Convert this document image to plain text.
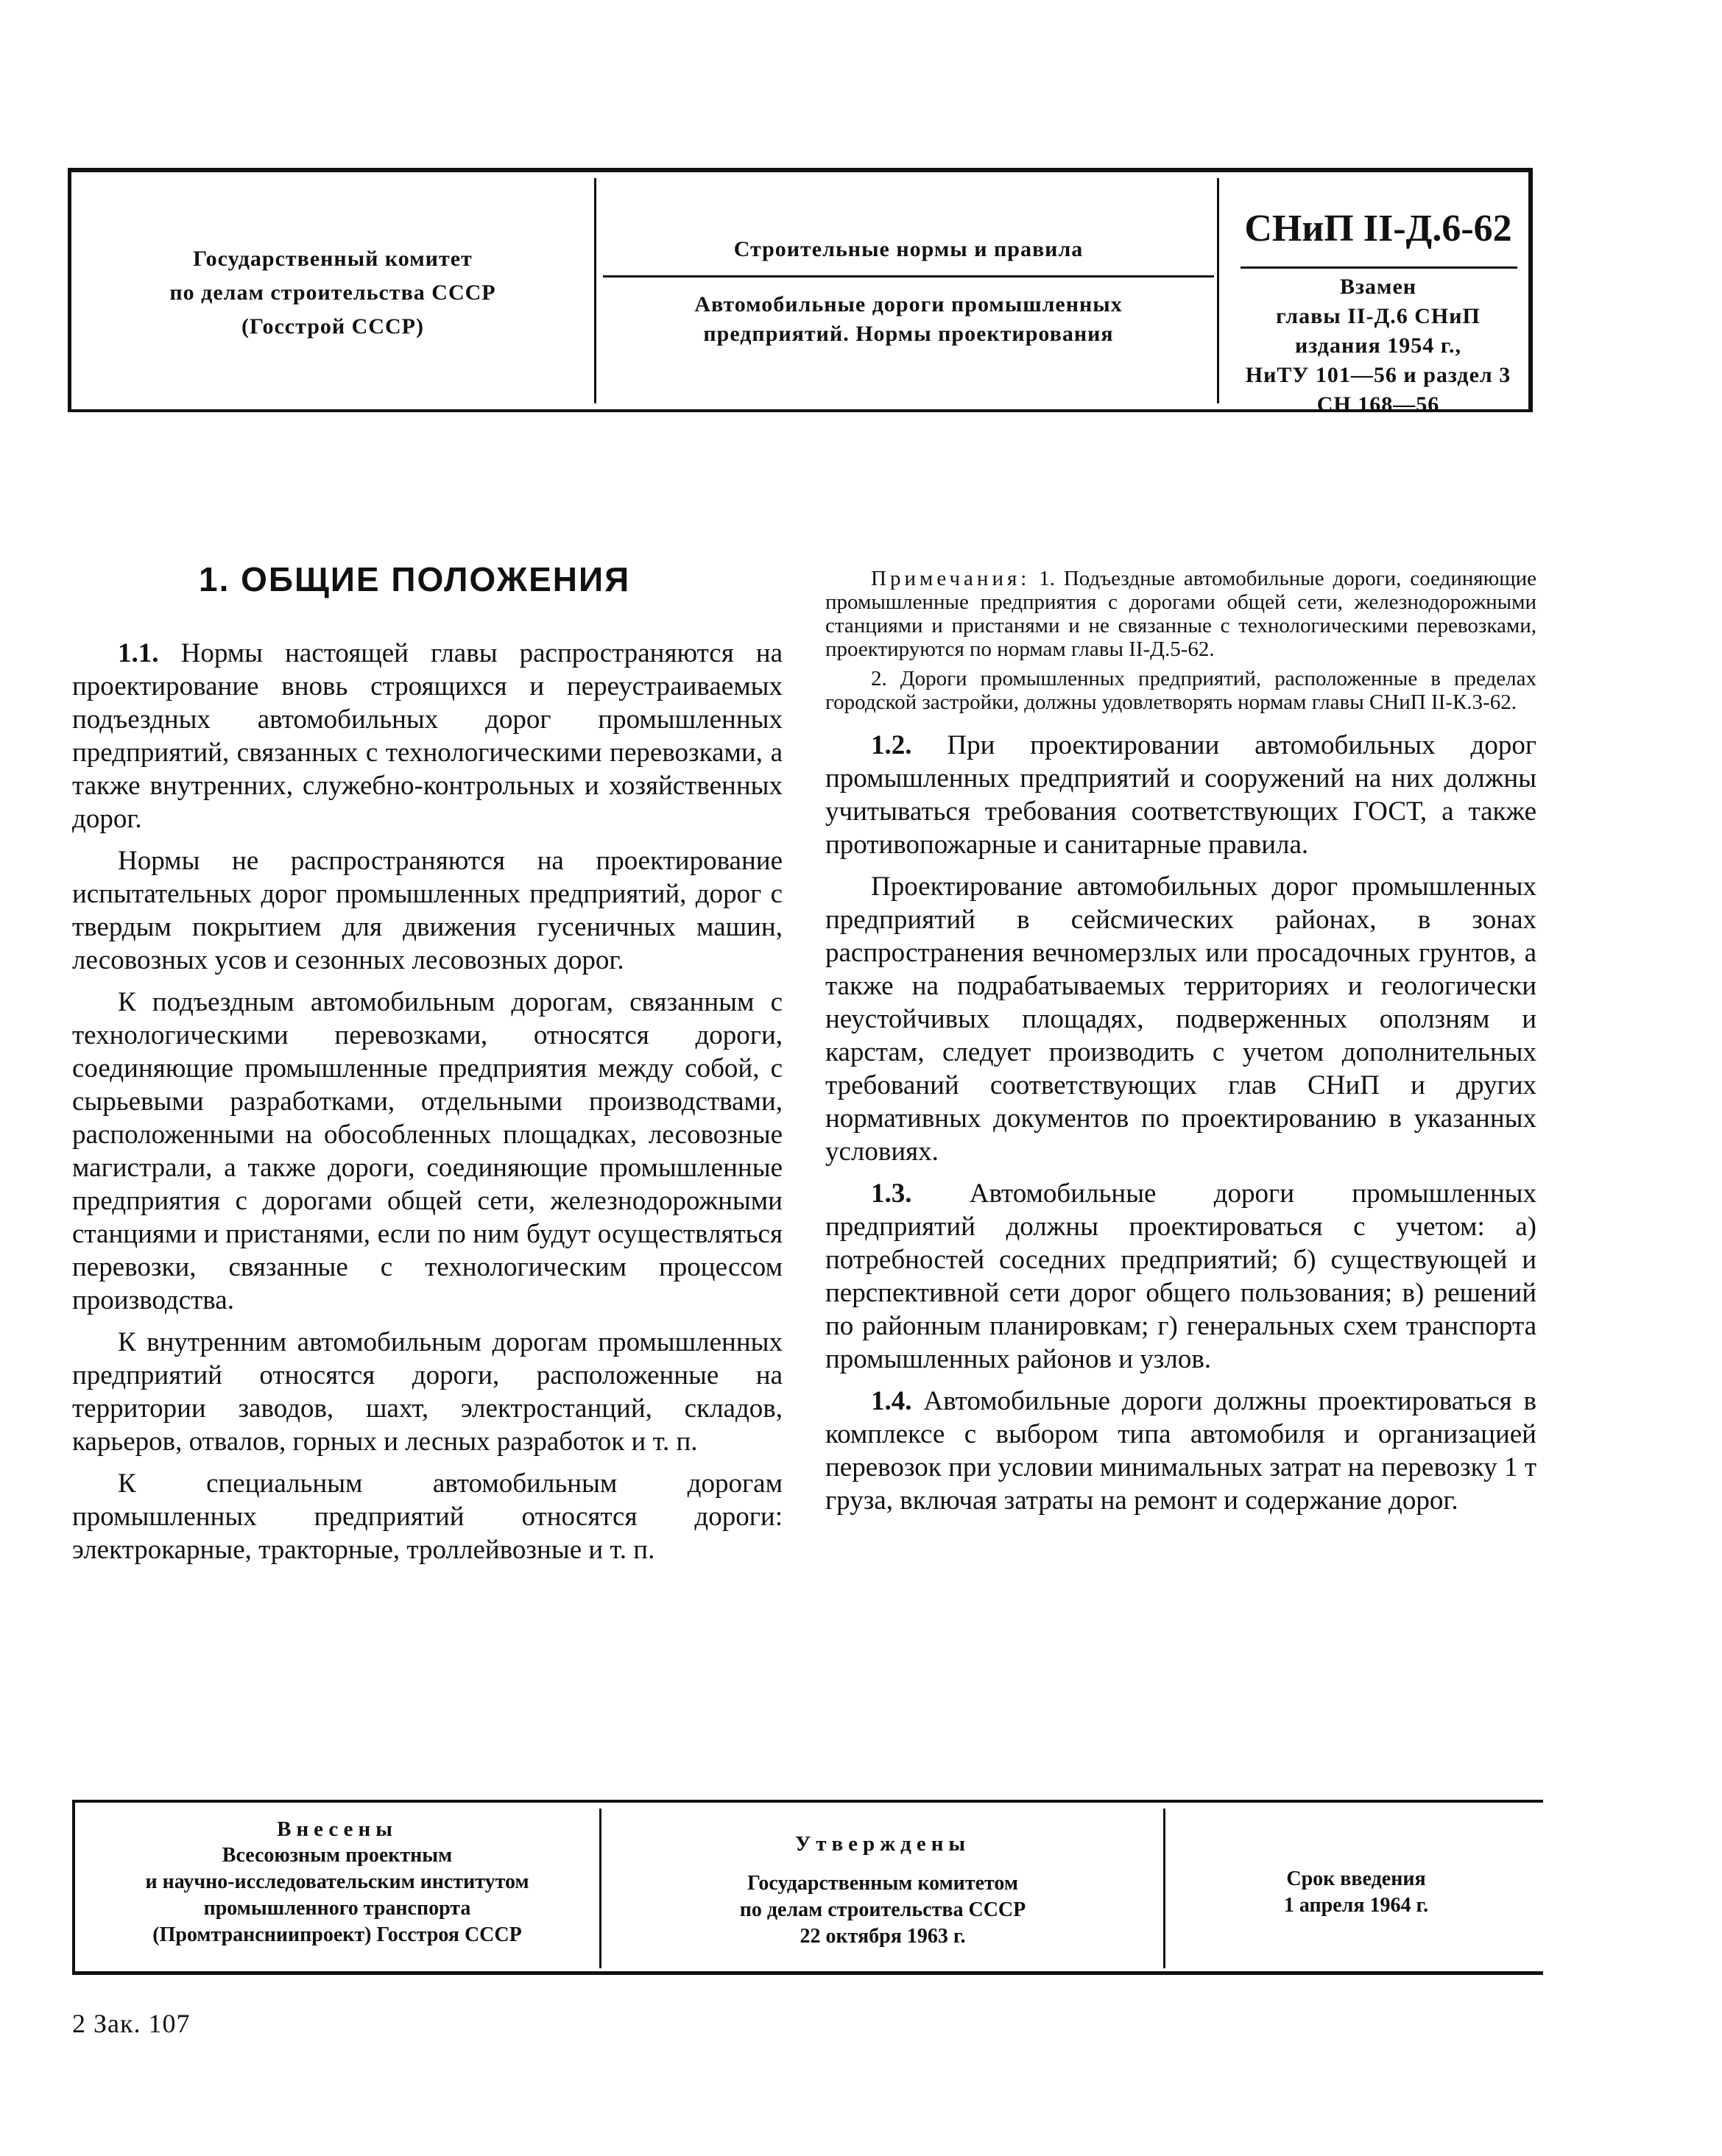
Государственный комитет
по делам строительства СССР
(Госстрой СССР)
Строительные нормы и правила
Автомобильные дороги промышленных
предприятий. Нормы проектирования
СНиП II-Д.6-62
Взамен
главы II-Д.6 СНиП
издания 1954 г.,
НиТУ 101—56 и раздел 3
СН 168—56
1. ОБЩИЕ ПОЛОЖЕНИЯ

1.1. Нормы настоящей главы распространяются на проектирование вновь строящихся и переустраиваемых подъездных автомобильных дорог промышленных предприятий, связанных с технологическими перевозками, а также внутренних, служебно-контрольных и хозяйственных дорог.

Нормы не распространяются на проектирование испытательных дорог промышленных предприятий, дорог с твердым покрытием для движения гусеничных машин, лесовозных усов и сезонных лесовозных дорог.

К подъездным автомобильным дорогам, связанным с технологическими перевозками, относятся дороги, соединяющие промышленные предприятия между собой, с сырьевыми разработками, отдельными производствами, расположенными на обособленных площадках, лесовозные магистрали, а также дороги, соединяющие промышленные предприятия с дорогами общей сети, железнодорожными станциями и пристанями, если по ним будут осуществляться перевозки, связанные с технологическим процессом производства.

К внутренним автомобильным дорогам промышленных предприятий относятся дороги, расположенные на территории заводов, шахт, электростанций, складов, карьеров, отвалов, горных и лесных разработок и т. п.

К специальным автомобильным дорогам промышленных предприятий относятся дороги: электрокарные, тракторные, троллейвозные и т. п.

Примечания: 1. Подъездные автомобильные дороги, соединяющие промышленные предприятия с дорогами общей сети, железнодорожными станциями и пристанями и не связанные с технологическими перевозками, проектируются по нормам главы II-Д.5-62.

2. Дороги промышленных предприятий, расположенные в пределах городской застройки, должны удовлетворять нормам главы СНиП II-К.3-62.

1.2. При проектировании автомобильных дорог промышленных предприятий и сооружений на них должны учитываться требования соответствующих ГОСТ, а также противопожарные и санитарные правила.

Проектирование автомобильных дорог промышленных предприятий в сейсмических районах, в зонах распространения вечномерзлых или просадочных грунтов, а также на подрабатываемых территориях и геологически неустойчивых площадях, подверженных оползням и карстам, следует производить с учетом дополнительных требований соответствующих глав СНиП и других нормативных документов по проектированию в указанных условиях.

1.3. Автомобильные дороги промышленных предприятий должны проектироваться с учетом: а) потребностей соседних предприятий; б) существующей и перспективной сети дорог общего пользования; в) решений по районным планировкам; г) генеральных схем транспорта промышленных районов и узлов.

1.4. Автомобильные дороги должны проектироваться в комплексе с выбором типа автомобиля и организацией перевозок при условии минимальных затрат на перевозку 1 т груза, включая затраты на ремонт и содержание дорог.

Внесены
Всесоюзным проектным
и научно-исследовательским институтом
промышленного транспорта
(Промтрансниипроект) Госстроя СССР
Утверждены
Государственным комитетом
по делам строительства СССР
22 октября 1963 г.
Срок введения
1 апреля 1964 г.
2 Зак. 107
